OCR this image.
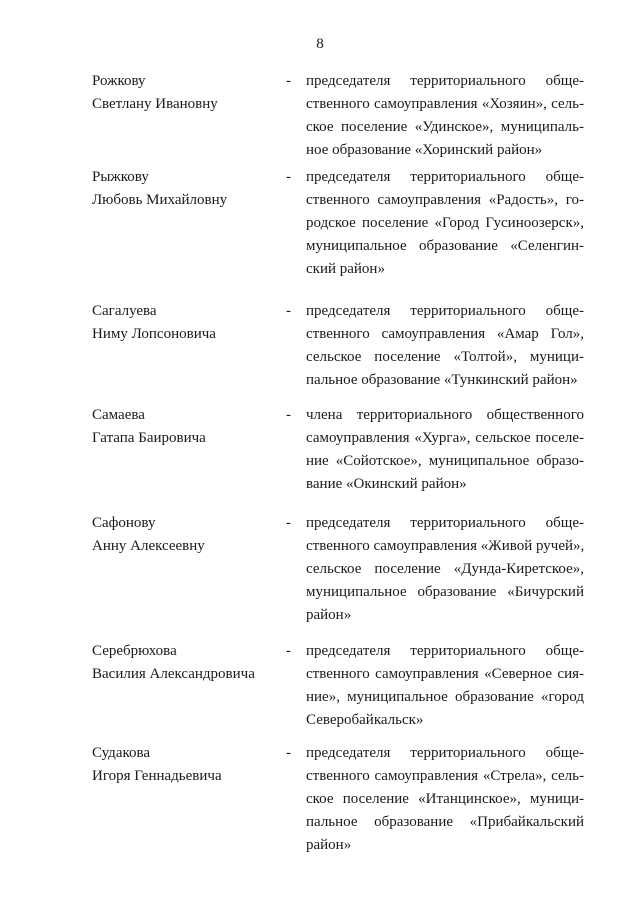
8
Рожкову
Светлану Ивановну
- председателя территориального обще-
ственного самоуправления «Хозяин», сель-
ское поселение «Удинское», муниципаль-
ное образование «Хоринский район»
Рыжкову
Любовь Михайловну
- председателя территориального обще-
ственного самоуправления «Радость», го-
родское поселение «Город Гусиноозерск»,
муниципальное образование «Селенгин-
ский район»
Сагалуева
Ниму Лопсоновича
- председателя территориального обще-
ственного самоуправления «Амар Гол»,
сельское поселение «Толтой», муници-
пальное образование «Тункинский район»
Самаева
Гатапа Баировича
- члена территориального общественного
самоуправления «Хурга», сельское поселе-
ние «Сойотское», муниципальное образо-
вание «Окинский район»
Сафонову
Анну Алексеевну
- председателя территориального обще-
ственного самоуправления «Живой ручей»,
сельское поселение «Дунда-Киретское»,
муниципальное образование «Бичурский
район»
Серебрюхова
Василия Александровича
- председателя территориального обще-
ственного самоуправления «Северное сия-
ние», муниципальное образование «город
Северобайкальск»
Судакова
Игоря Геннадьевича
- председателя территориального обще-
ственного самоуправления «Стрела», сель-
ское поселение «Итанцинское», муници-
пальное образование «Прибайкальский
район»
